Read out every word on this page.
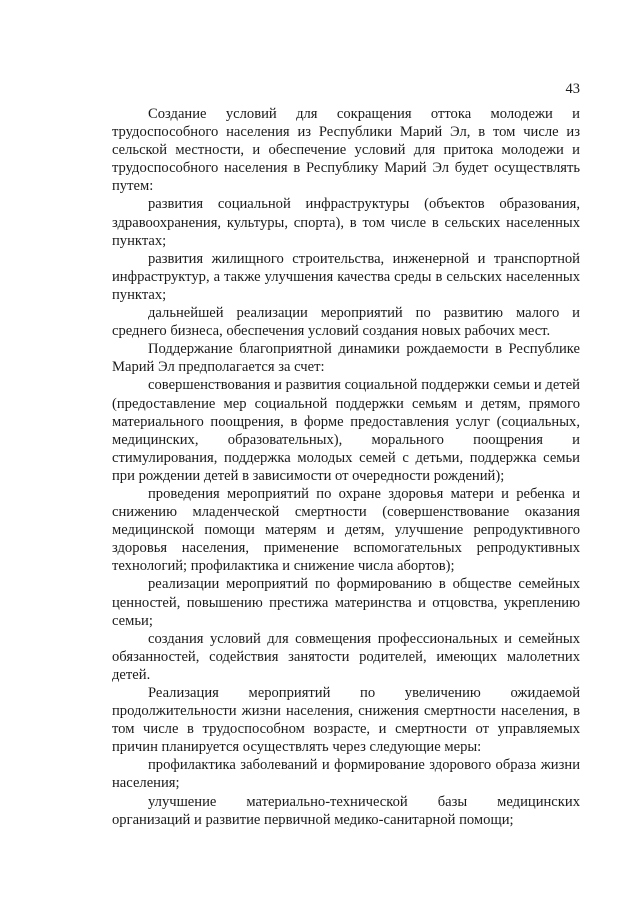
43

Создание условий для сокращения оттока молодежи и трудоспособного населения из Республики Марий Эл, в том числе из сельской местности, и обеспечение условий для притока молодежи и трудоспособного населения в Республику Марий Эл будет осуществлять путем:

развития социальной инфраструктуры (объектов образования, здравоохранения, культуры, спорта), в том числе в сельских населенных пунктах;

развития жилищного строительства, инженерной и транспортной инфраструктур, а также улучшения качества среды в сельских населенных пунктах;

дальнейшей реализации мероприятий по развитию малого и среднего бизнеса, обеспечения условий создания новых рабочих мест.

Поддержание благоприятной динамики рождаемости в Республике Марий Эл предполагается за счет:

совершенствования и развития социальной поддержки семьи и детей (предоставление мер социальной поддержки семьям и детям, прямого материального поощрения, в форме предоставления услуг (социальных, медицинских, образовательных), морального поощрения и стимулирования, поддержка молодых семей с детьми, поддержка семьи при рождении детей в зависимости от очередности рождений);

проведения мероприятий по охране здоровья матери и ребенка и снижению младенческой смертности (совершенствование оказания медицинской помощи матерям и детям, улучшение репродуктивного здоровья населения, применение вспомогательных репродуктивных технологий; профилактика и снижение числа абортов);

реализации мероприятий по формированию в обществе семейных ценностей, повышению престижа материнства и отцовства, укреплению семьи;

создания условий для совмещения профессиональных и семейных обязанностей, содействия занятости родителей, имеющих малолетних детей.

Реализация мероприятий по увеличению ожидаемой продолжительности жизни населения, снижения смертности населения, в том числе в трудоспособном возрасте, и смертности от управляемых причин планируется осуществлять через следующие меры:

профилактика заболеваний и формирование здорового образа жизни населения;

улучшение материально-технической базы медицинских организаций и развитие первичной медико-санитарной помощи;
